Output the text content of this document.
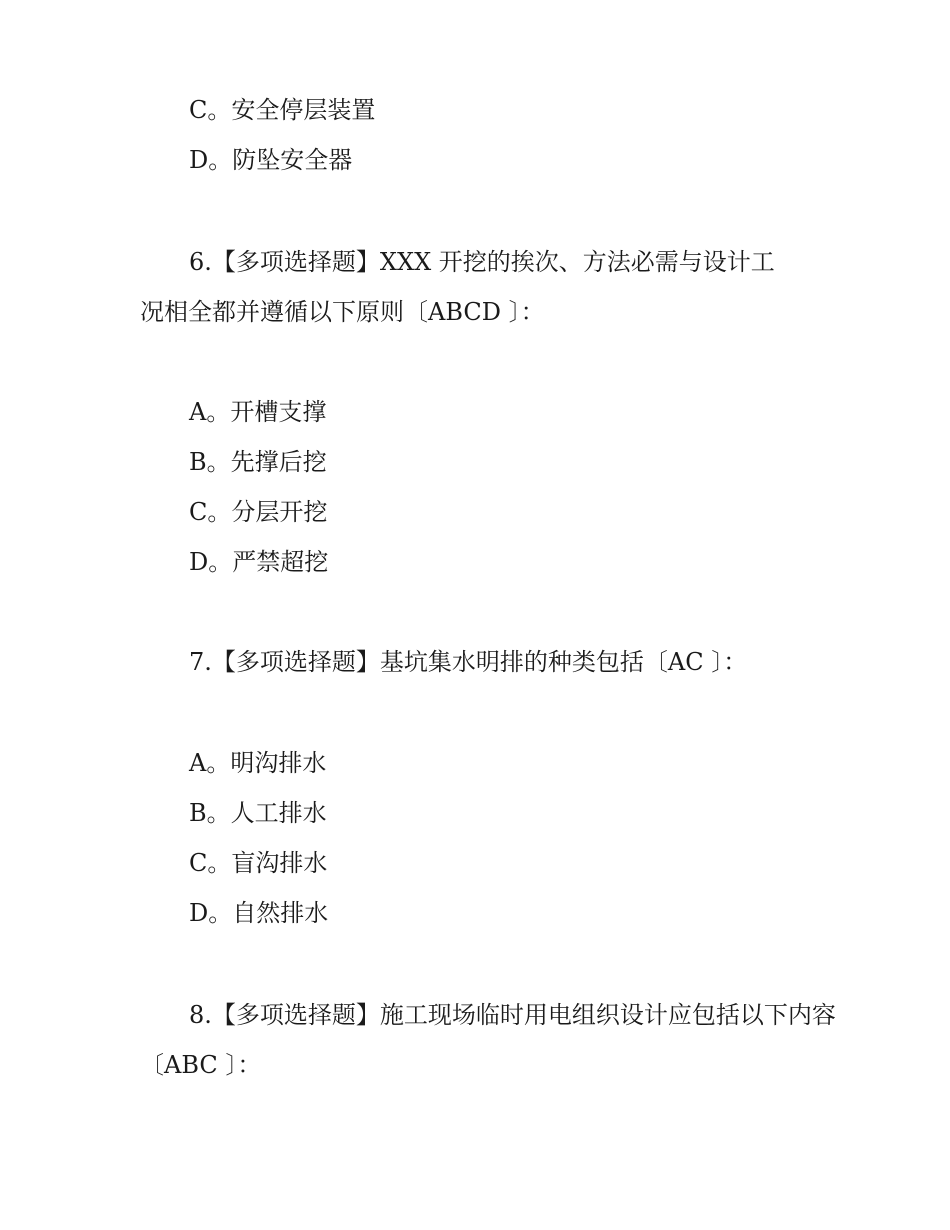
C。安全停层装置
D。防坠安全器
6.【多项选择题】XXX 开挖的挨次、方法必需与设计工
况相全都并遵循以下原则〔ABCD 〕：
A。开槽支撑
B。先撑后挖
C。分层开挖
D。严禁超挖
7.【多项选择题】基坑集水明排的种类包括〔AC 〕：
A。明沟排水
B。人工排水
C。盲沟排水
D。自然排水
8.【多项选择题】施工现场临时用电组织设计应包括以下内容
〔ABC 〕：
